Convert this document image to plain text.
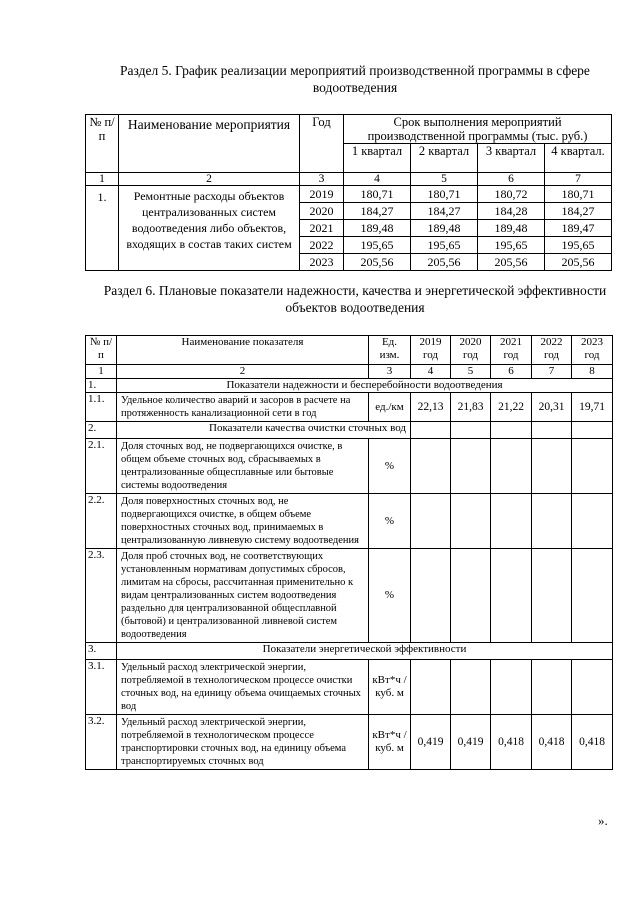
Раздел 5. График реализации мероприятий производственной программы в сфере водоотведения
№ п/п	Наименование мероприятия	Год	Срок выполнения мероприятий производственной программы (тыс. руб.)			
			1 квартал	2 квартал	3 квартал	4 квартал.
1	2	3	4	5	6	7
1.	Ремонтные расходы объектов централизованных систем водоотведения либо объектов, входящих в состав таких систем	2019	180,71	180,71	180,72	180,71
		2020	184,27	184,27	184,28	184,27
		2021	189,48	189,48	189,48	189,47
		2022	195,65	195,65	195,65	195,65
		2023	205,56	205,56	205,56	205,56
Раздел 6. Плановые показатели надежности, качества и энергетической эффективности объектов водоотведения
№ п/п	Наименование показателя	Ед. изм.	2019 год	2020 год	2021 год	2022 год	2023 год
1	2	3	4	5	6	7	8
1.	Показатели надежности и бесперебойности водоотведения						
1.1.	Удельное количество аварий и засоров в расчете на протяженность канализационной сети в год	ед./км	22,13	21,83	21,22	20,31	19,71
2.	Показатели качества очистки сточных вод						
2.1.	Доля сточных вод, не подвергающихся очистке, в общем объеме сточных вод, сбрасываемых в централизованные общесплавные или бытовые системы водоотведения	%					
2.2.	Доля поверхностных сточных вод, не подвергающихся очистке, в общем объеме поверхностных сточных вод, принимаемых в централизованную ливневую систему водоотведения	%					
2.3.	Доля проб сточных вод, не соответствующих установленным нормативам допустимых сбросов, лимитам на сбросы, рассчитанная применительно к видам централизованных систем водоотведения раздельно для централизованной общесплавной (бытовой) и централизованной ливневой систем водоотведения	%					
3.	Показатели энергетической эффективности						
3.1.	Удельный расход электрической энергии, потребляемой в технологическом процессе очистки сточных вод, на единицу объема очищаемых сточных вод	кВт*ч /куб. м					
3.2.	Удельный расход электрической энергии, потребляемой в технологическом процессе транспортировки сточных вод, на единицу объема транспортируемых сточных вод	кВт*ч /куб. м	0,419	0,419	0,418	0,418	0,418
».
